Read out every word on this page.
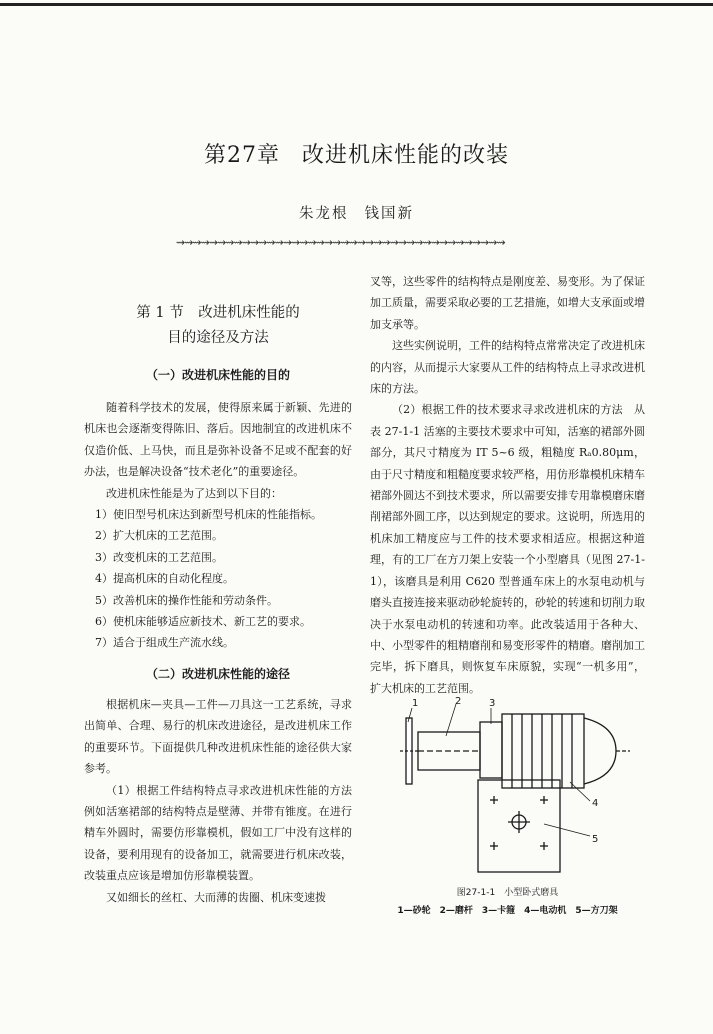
第27章 改进机床性能的改装
朱龙根 钱国新
⇝⇝⇝⇝⇝⇝⇝⇝⇝⇝⇝⇝⇝⇝⇝⇝⇝⇝⇝⇝⇝⇝⇝⇝⇝⇝⇝⇝⇝⇝⇝⇝⇝⇝⇝⇝⇝⇝⇝⇝
第 1 节　改进机床性能的
目的途径及方法

（一）改进机床性能的目的

随着科学技术的发展，使得原来属于新颖、先进的机床也会逐渐变得陈旧、落后。因地制宜的改进机床不仅造价低、上马快，而且是弥补设备不足或不配套的好办法，也是解决设备“技术老化”的重要途径。

改进机床性能是为了达到以下目的：

1）使旧型号机床达到新型号机床的性能指标。

2）扩大机床的工艺范围。

3）改变机床的工艺范围。

4）提高机床的自动化程度。

5）改善机床的操作性能和劳动条件。

6）使机床能够适应新技术、新工艺的要求。

7）适合于组成生产流水线。

（二）改进机床性能的途径

根据机床—夹具—工件—刀具这一工艺系统，寻求出简单、合理、易行的机床改进途径，是改进机床工作的重要环节。下面提供几种改进机床性能的途径供大家参考。

（1）根据工件结构特点寻求改进机床性能的方法　例如活塞裙部的结构特点是壁薄、并带有锥度。在进行精车外圆时，需要仿形靠模机，假如工厂中没有这样的设备，要利用现有的设备加工，就需要进行机床改装，改装重点应该是增加仿形靠模装置。

又如细长的丝杠、大而薄的齿圈、机床变速拨

叉等，这些零件的结构特点是刚度差、易变形。为了保证加工质量，需要采取必要的工艺措施，如增大支承面或增加支承等。

这些实例说明，工件的结构特点常常决定了改进机床的内容，从而提示大家要从工件的结构特点上寻求改进机床的方法。

（2）根据工件的技术要求寻求改进机床的方法　从表 27-1-1 活塞的主要技术要求中可知，活塞的裙部外圆部分，其尺寸精度为 IT 5~6 级，粗糙度 Rₐ0.80μm，由于尺寸精度和粗糙度要求较严格，用仿形靠模机床精车裙部外圆达不到技术要求，所以需要安排专用靠模磨床磨削裙部外圆工序，以达到规定的要求。这说明，所选用的机床加工精度应与工件的技术要求相适应。根据这种道理，有的工厂在方刀架上安装一个小型磨具（见图 27-1-1），该磨具是利用 C620 型普通车床上的水泵电动机与磨头直接连接来驱动砂轮旋转的，砂轮的转速和切削力取决于水泵电动机的转速和功率。此改装适用于各种大、中、小型零件的粗精磨削和易变形零件的精磨。磨削加工完毕，拆下磨具，则恢复车床原貌，实现“一机多用”，扩大机床的工艺范围。

1	2	3
4
5
图27-1-1　小型卧式磨具
1—砂轮　2—磨杆　3—卡箍　4—电动机　5—方刀架
